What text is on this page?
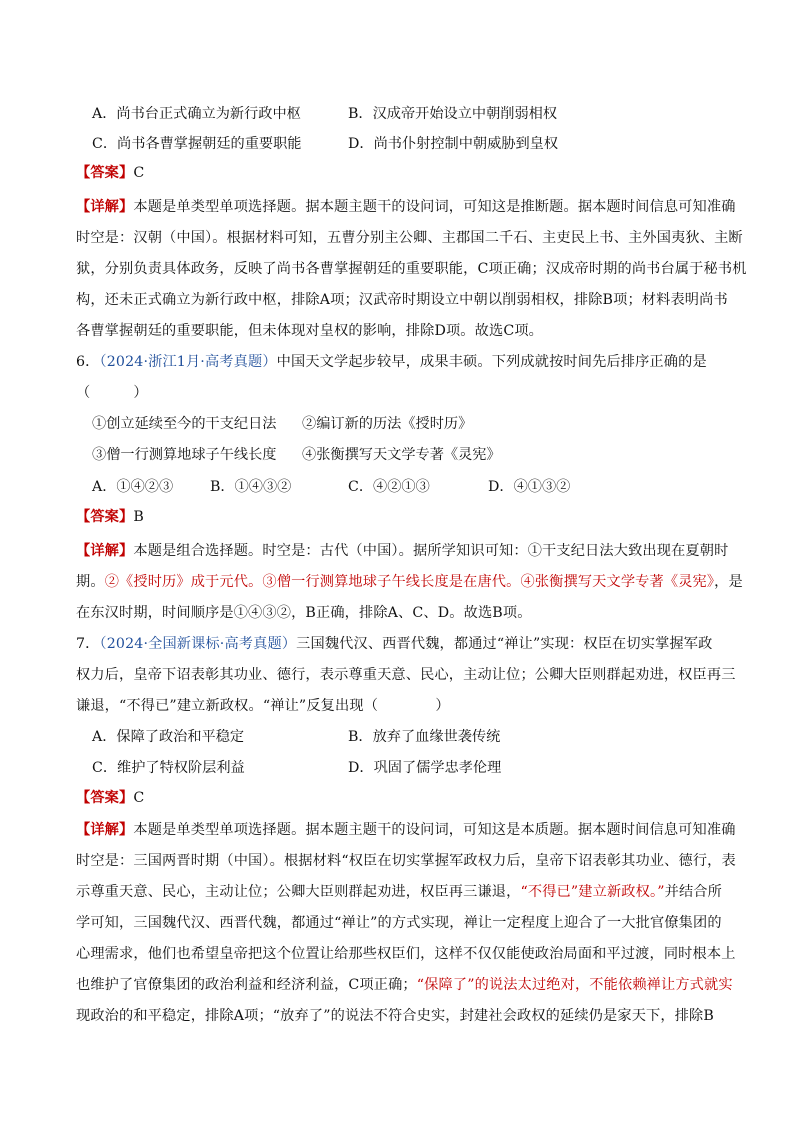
A．尚书台正式确立为新行政中枢	B．汉成帝开始设立中朝削弱相权
C．尚书各曹掌握朝廷的重要职能	D．尚书仆射控制中朝威胁到皇权
【答案】C
【详解】本题是单类型单项选择题。据本题主题干的设问词，可知这是推断题。据本题时间信息可知准确
时空是：汉朝（中国）。根据材料可知，五曹分别主公卿、主郡国二千石、主吏民上书、主外国夷狄、主断
狱，分别负责具体政务，反映了尚书各曹掌握朝廷的重要职能，C项正确；汉成帝时期的尚书台属于秘书机
构，还未正式确立为新行政中枢，排除A项；汉武帝时期设立中朝以削弱相权，排除B项；材料表明尚书
各曹掌握朝廷的重要职能，但未体现对皇权的影响，排除D项。故选C项。
6．（2024·浙江1月·高考真题）中国天文学起步较早，成果丰硕。下列成就按时间先后排序正确的是
（　　　）
①创立延续至今的干支纪日法 ②编订新的历法《授时历》
③僧一行测算地球子午线长度 ④张衡撰写天文学专著《灵宪》
A．①④②③	B．①④③②	C．④②①③	D．④①③②
【答案】B
【详解】本题是组合选择题。时空是：古代（中国）。据所学知识可知：①干支纪日法大致出现在夏朝时
期。②《授时历》成于元代。③僧一行测算地球子午线长度是在唐代。④张衡撰写天文学专著《灵宪》，是
在东汉时期，时间顺序是①④③②，B正确，排除A、C、D。故选B项。
7．（2024·全国新课标·高考真题）三国魏代汉、西晋代魏，都通过“禅让”实现：权臣在切实掌握军政
权力后，皇帝下诏表彰其功业、德行，表示尊重天意、民心，主动让位；公卿大臣则群起劝进，权臣再三
谦退，“不得已”建立新政权。“禅让”反复出现（　　　　）
A．保障了政治和平稳定	B．放弃了血缘世袭传统
C．维护了特权阶层利益	D．巩固了儒学忠孝伦理
【答案】C
【详解】本题是单类型单项选择题。据本题主题干的设问词，可知这是本质题。据本题时间信息可知准确
时空是：三国两晋时期（中国）。根据材料“权臣在切实掌握军政权力后，皇帝下诏表彰其功业、德行，表
示尊重天意、民心，主动让位；公卿大臣则群起劝进，权臣再三谦退，“不得已”建立新政权。”并结合所
学可知，三国魏代汉、西晋代魏，都通过“禅让”的方式实现，禅让一定程度上迎合了一大批官僚集团的
心理需求，他们也希望皇帝把这个位置让给那些权臣们，这样不仅仅能使政治局面和平过渡，同时根本上
也维护了官僚集团的政治利益和经济利益，C项正确；“保障了”的说法太过绝对，不能依赖禅让方式就实
现政治的和平稳定，排除A项；“放弃了”的说法不符合史实，封建社会政权的延续仍是家天下，排除B
